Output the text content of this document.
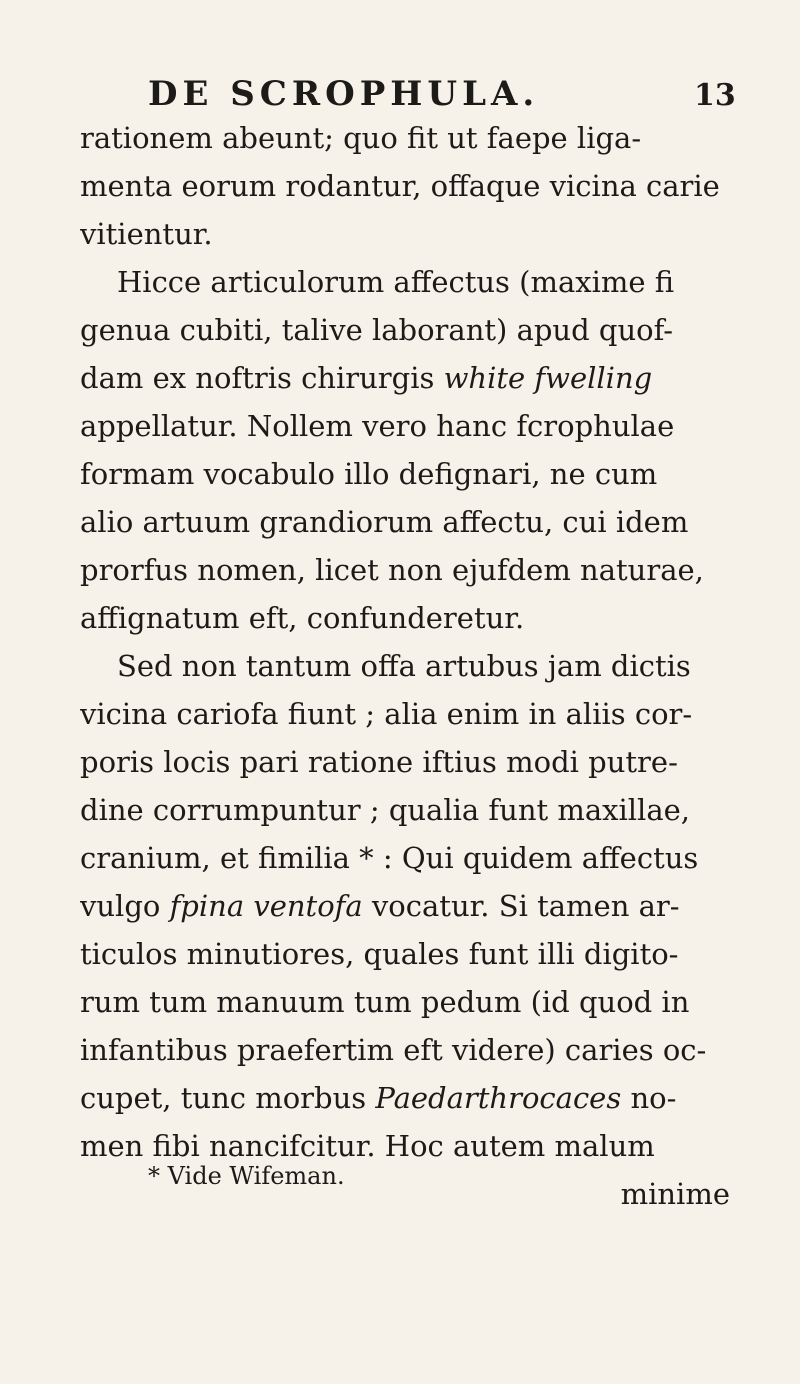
DE SCROPHULA.	13
rationem abeunt; quo fit ut faepe liga-
menta eorum rodantur, offaque vicina carie
vitientur.
Hicce articulorum affectus (maxime fi
genua cubiti, talive laborant) apud quof-
dam ex noftris chirurgis white fwelling
appellatur. Nollem vero hanc fcrophulae
formam vocabulo illo defignari, ne cum
alio artuum grandiorum affectu, cui idem
prorfus nomen, licet non ejufdem naturae,
affignatum eft, confunderetur.
Sed non tantum offa artubus jam dictis
vicina cariofa fiunt ; alia enim in aliis cor-
poris locis pari ratione iftius modi putre-
dine corrumpuntur ; qualia funt maxillae,
cranium, et fimilia * : Qui quidem affectus
vulgo fpina ventofa vocatur. Si tamen ar-
ticulos minutiores, quales funt illi digito-
rum tum manuum tum pedum (id quod in
infantibus praefertim eft videre) caries oc-
cupet, tunc morbus Paedarthrocaces no-
men fibi nancifcitur. Hoc autem malum
minime
* Vide Wifeman.
